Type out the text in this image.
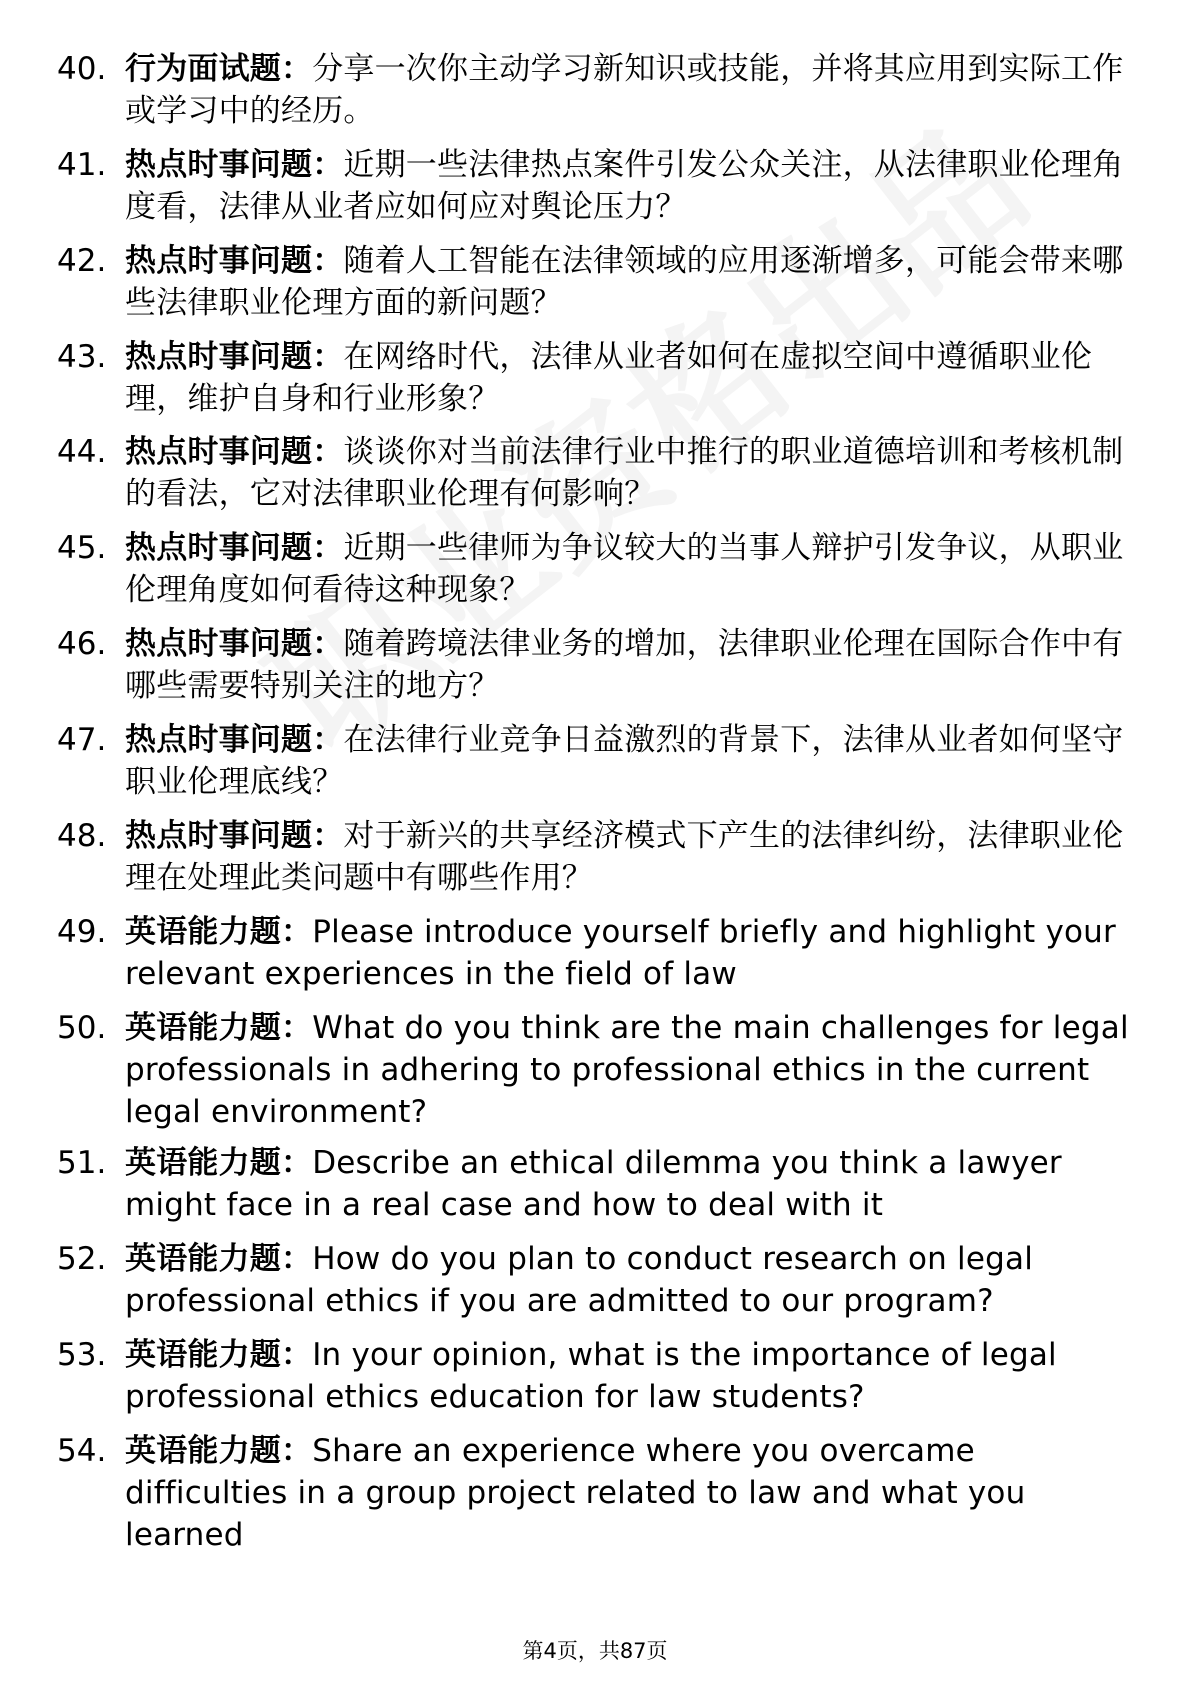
40. 行为面试题：分享一次你主动学习新知识或技能，并将其应用到实际工作或学习中的经历。
41. 热点时事问题：近期一些法律热点案件引发公众关注，从法律职业伦理角度看，法律从业者应如何应对舆论压力？
42. 热点时事问题：随着人工智能在法律领域的应用逐渐增多，可能会带来哪些法律职业伦理方面的新问题？
43. 热点时事问题：在网络时代，法律从业者如何在虚拟空间中遵循职业伦理，维护自身和行业形象？
44. 热点时事问题：谈谈你对当前法律行业中推行的职业道德培训和考核机制的看法，它对法律职业伦理有何影响？
45. 热点时事问题：近期一些律师为争议较大的当事人辩护引发争议，从职业伦理角度如何看待这种现象？
46. 热点时事问题：随着跨境法律业务的增加，法律职业伦理在国际合作中有哪些需要特别关注的地方？
47. 热点时事问题：在法律行业竞争日益激烈的背景下，法律从业者如何坚守职业伦理底线？
48. 热点时事问题：对于新兴的共享经济模式下产生的法律纠纷，法律职业伦理在处理此类问题中有哪些作用？
49. 英语能力题：Please introduce yourself briefly and highlight your relevant experiences in the field of law
50. 英语能力题：What do you think are the main challenges for legal professionals in adhering to professional ethics in the current legal environment?
51. 英语能力题：Describe an ethical dilemma you think a lawyer might face in a real case and how to deal with it
52. 英语能力题：How do you plan to conduct research on legal professional ethics if you are admitted to our program?
53. 英语能力题：In your opinion, what is the importance of legal professional ethics education for law students?
54. 英语能力题：Share an experience where you overcame difficulties in a group project related to law and what you learned
第4页，共87页
